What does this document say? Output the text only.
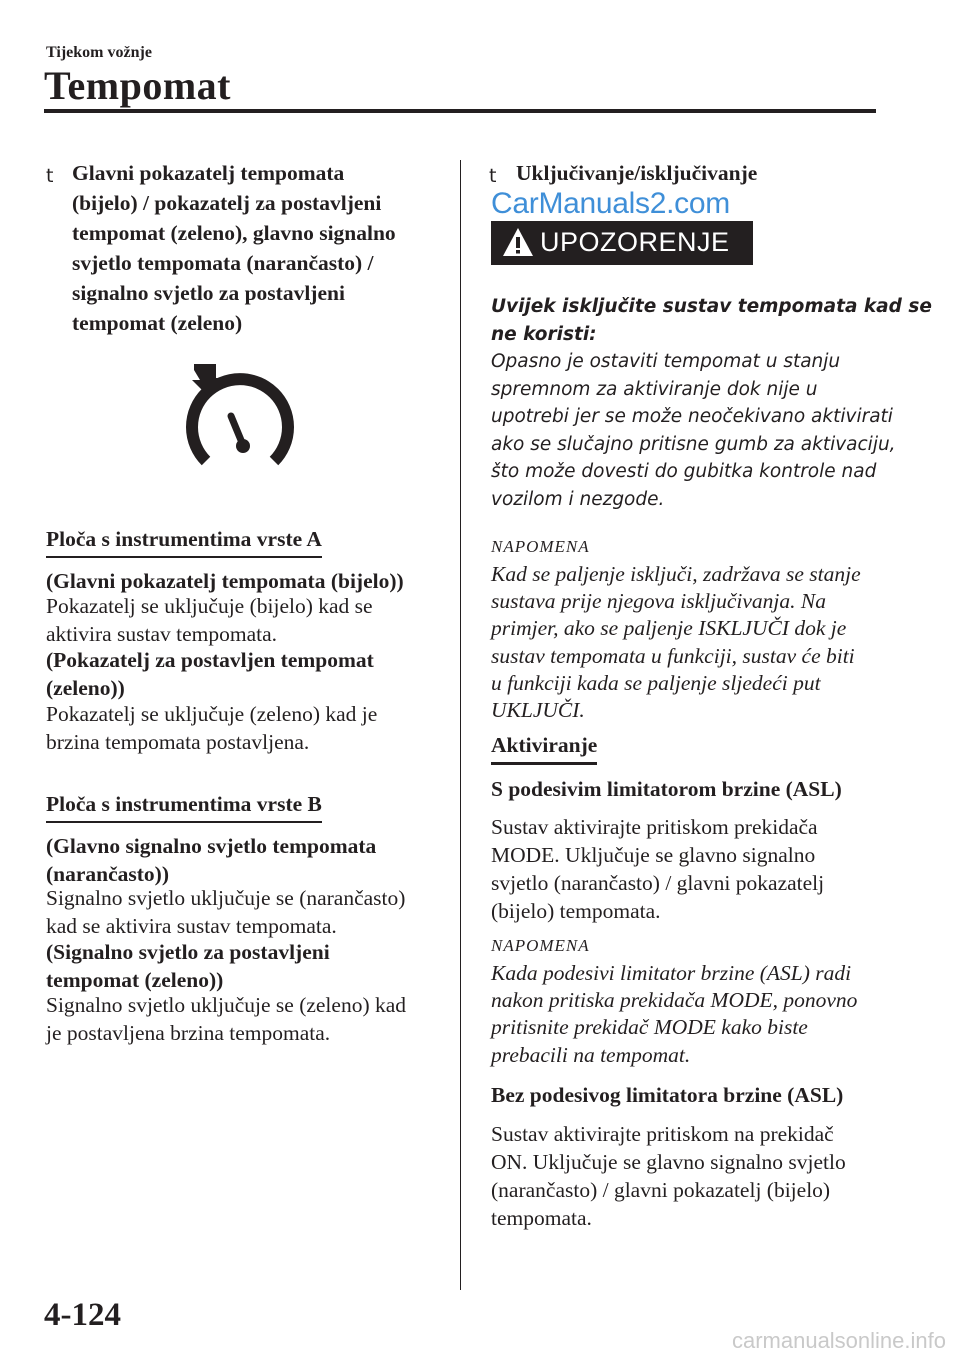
Tijekom vožnje
Tempomat
t Glavni pokazatelj tempomata
(bijelo) / pokazatelj za postavljeni
tempomat (zeleno), glavno signalno
svjetlo tempomata (narančasto) /
signalno svjetlo za postavljeni
tempomat (zeleno)
Ploča s instrumentima vrste A
(Glavni pokazatelj tempomata (bijelo))
Pokazatelj se uključuje (bijelo) kad se
aktivira sustav tempomata.
(Pokazatelj za postavljen tempomat
(zeleno))
Pokazatelj se uključuje (zeleno) kad je
brzina tempomata postavljena.
Ploča s instrumentima vrste B
(Glavno signalno svjetlo tempomata
(narančasto))
Signalno svjetlo uključuje se (narančasto)
kad se aktivira sustav tempomata.
(Signalno svjetlo za postavljeni
tempomat (zeleno))
Signalno svjetlo uključuje se (zeleno) kad
je postavljena brzina tempomata.
t Uključivanje/isključivanje
CarManuals2.com
UPOZORENJE
Uvijek isključite sustav tempomata kad se
ne koristi:
Opasno je ostaviti tempomat u stanju
spremnom za aktiviranje dok nije u
upotrebi jer se može neočekivano aktivirati
ako se slučajno pritisne gumb za aktivaciju,
što može dovesti do gubitka kontrole nad
vozilom i nezgode.
NAPOMENA
Kad se paljenje isključi, zadržava se stanje
sustava prije njegova isključivanja. Na
primjer, ako se paljenje ISKLJUČI dok je
sustav tempomata u funkciji, sustav će biti
u funkciji kada se paljenje sljedeći put
UKLJUČI.
Aktiviranje
S podesivim limitatorom brzine (ASL)
Sustav aktivirajte pritiskom prekidača
MODE. Uključuje se glavno signalno
svjetlo (narančasto) / glavni pokazatelj
(bijelo) tempomata.
NAPOMENA
Kada podesivi limitator brzine (ASL) radi
nakon pritiska prekidača MODE, ponovno
pritisnite prekidač MODE kako biste
prebacili na tempomat.
Bez podesivog limitatora brzine (ASL)
Sustav aktivirajte pritiskom na prekidač
ON. Uključuje se glavno signalno svjetlo
(narančasto) / glavni pokazatelj (bijelo)
tempomata.
4-124
carmanualsonline.info
